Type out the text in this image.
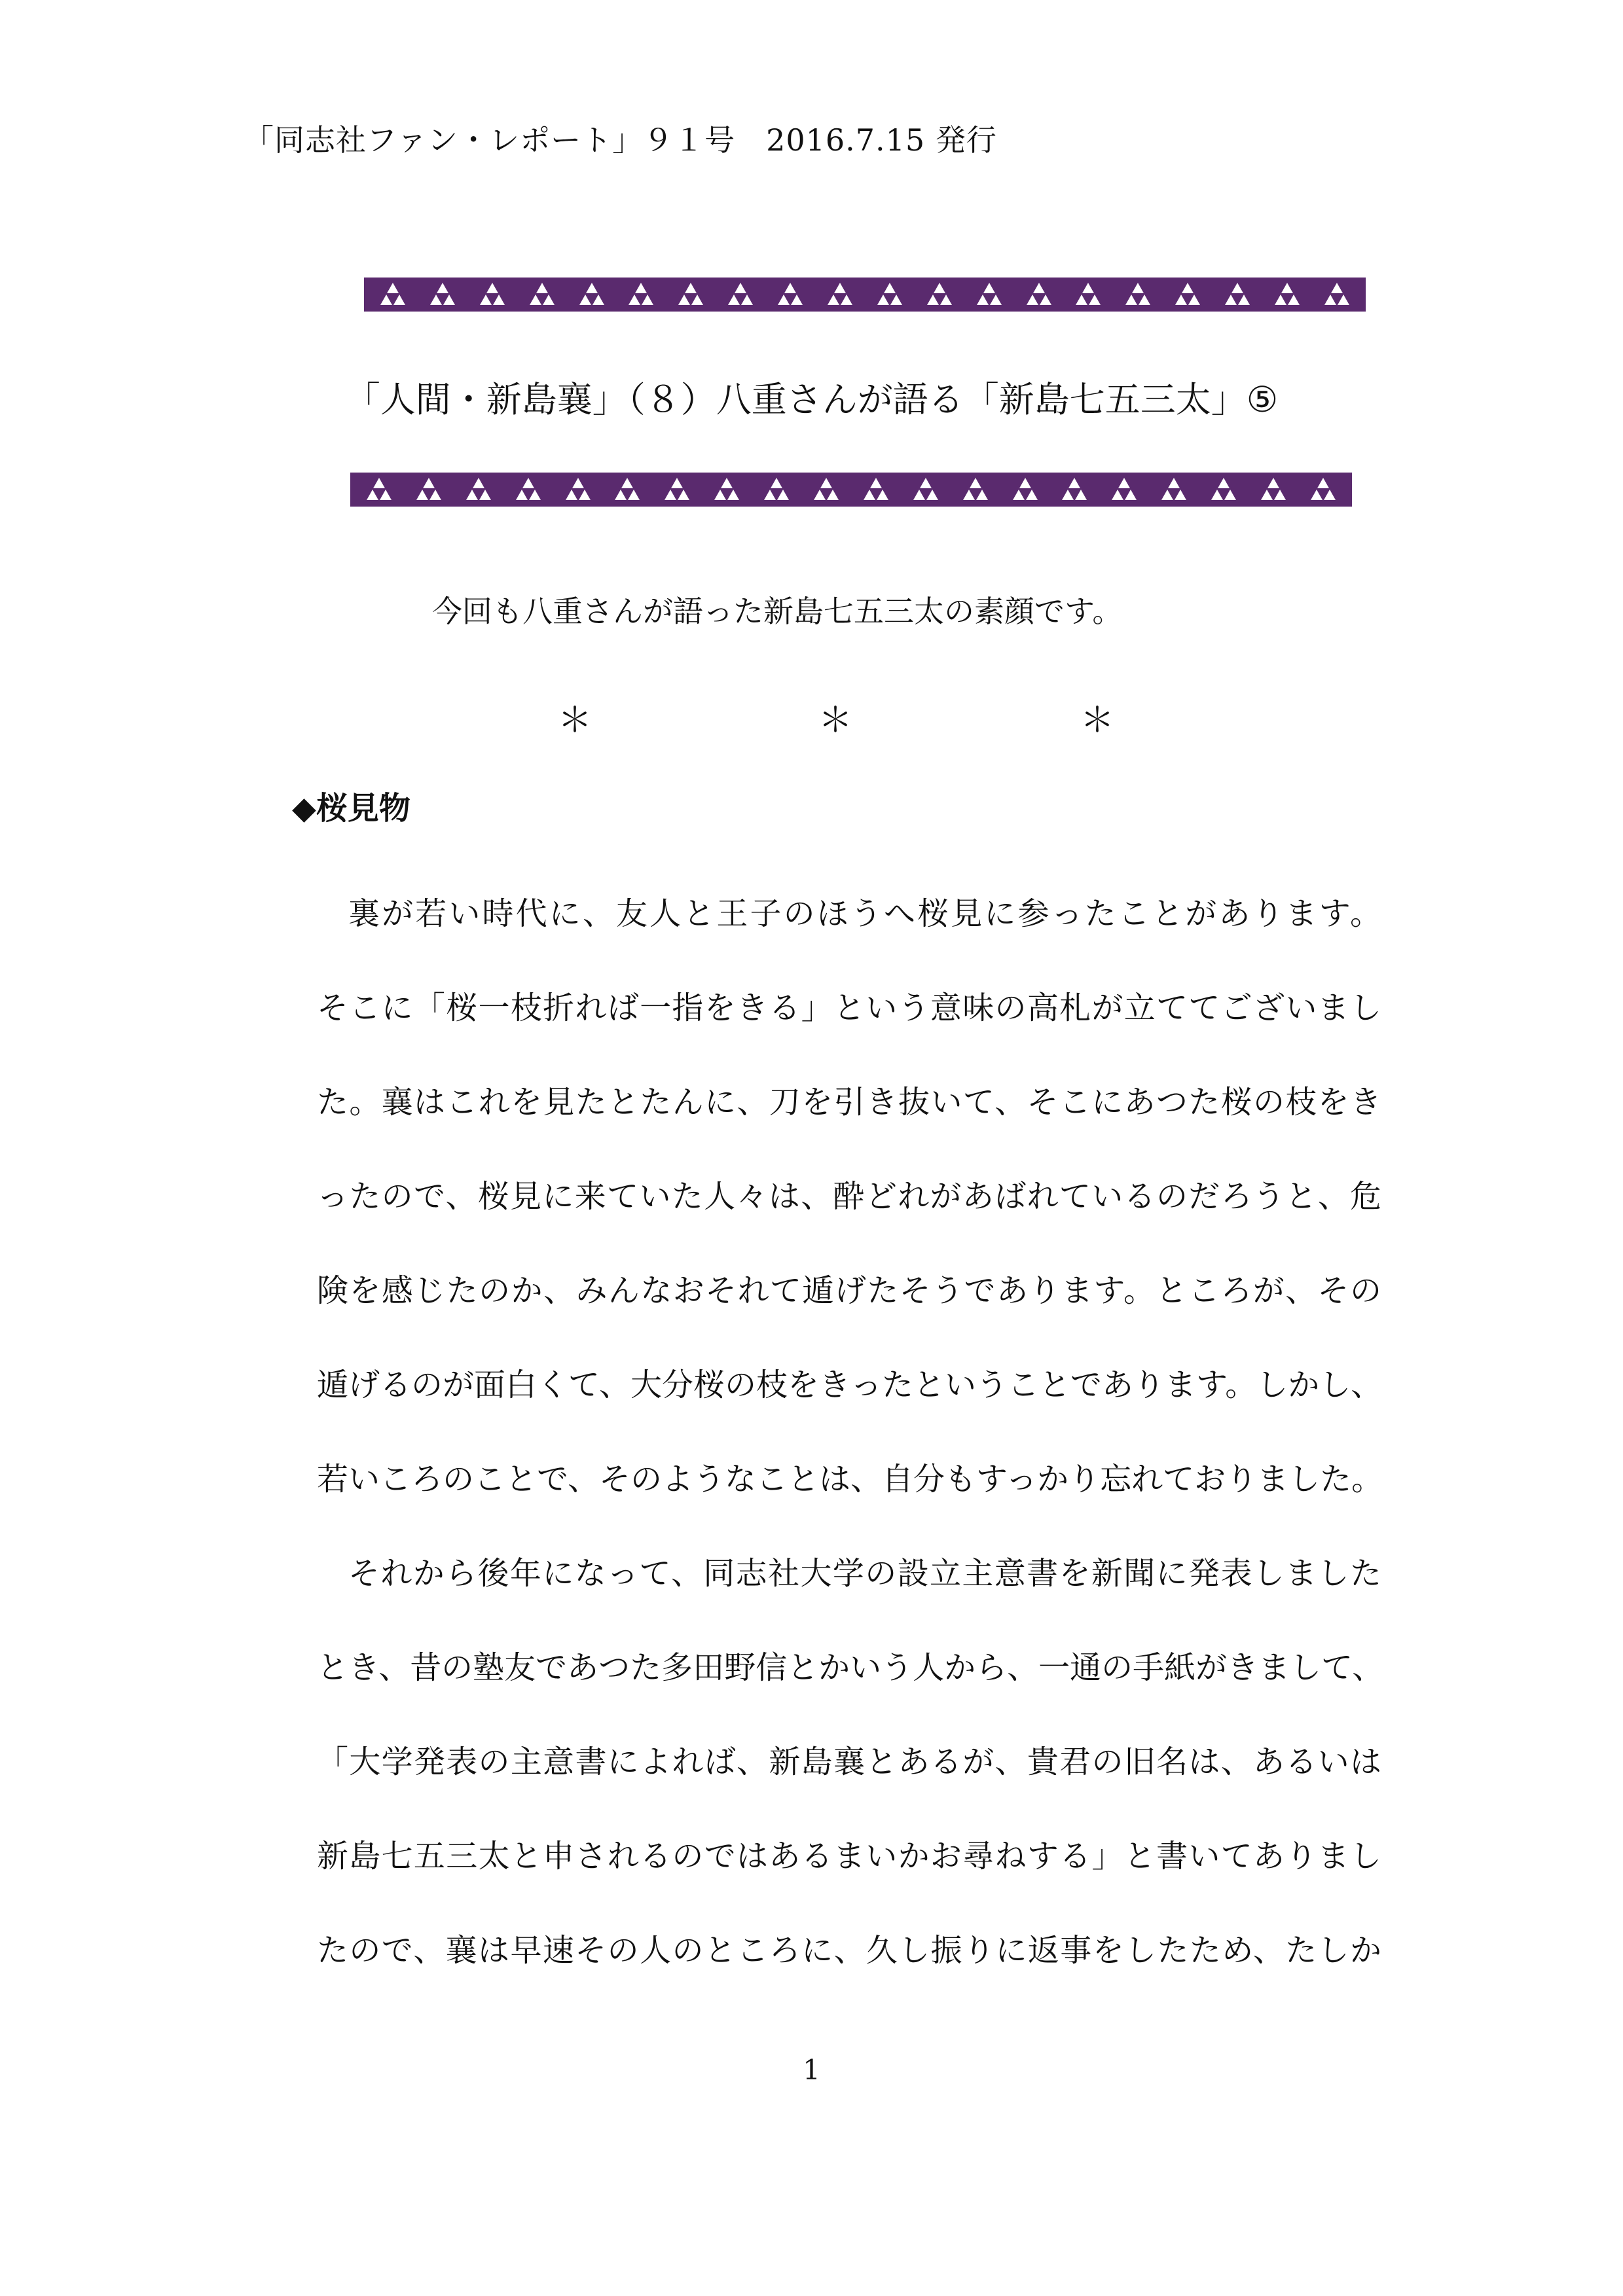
「同志社ファン・レポート」９１号　2016.7.15 発行
「人間・新島襄」（８）八重さんが語る「新島七五三太」⑤
今回も八重さんが語った新島七五三太の素顔です。
＊	＊	＊
◆桜見物
裏が若い時代に、友人と王子のほうへ桜見に参ったことがあります。
そこに「桜一枝折れば一指をきる」という意味の高札が立ててございまし
た。襄はこれを見たとたんに、刀を引き抜いて、そこにあつた桜の枝をき
ったので、桜見に来ていた人々は、酔どれがあばれているのだろうと、危
険を感じたのか、みんなおそれて遁げたそうであります。ところが、その
遁げるのが面白くて、大分桜の枝をきったということであります。しかし、
若いころのことで、そのようなことは、自分もすっかり忘れておりました。
それから後年になって、同志社大学の設立主意書を新聞に発表しました
とき、昔の塾友であつた多田野信とかいう人から、一通の手紙がきまして、
「大学発表の主意書によれば、新島襄とあるが、貴君の旧名は、あるいは
新島七五三太と申されるのではあるまいかお尋ねする」と書いてありまし
たので、襄は早速その人のところに、久し振りに返事をしたため、たしか
1
